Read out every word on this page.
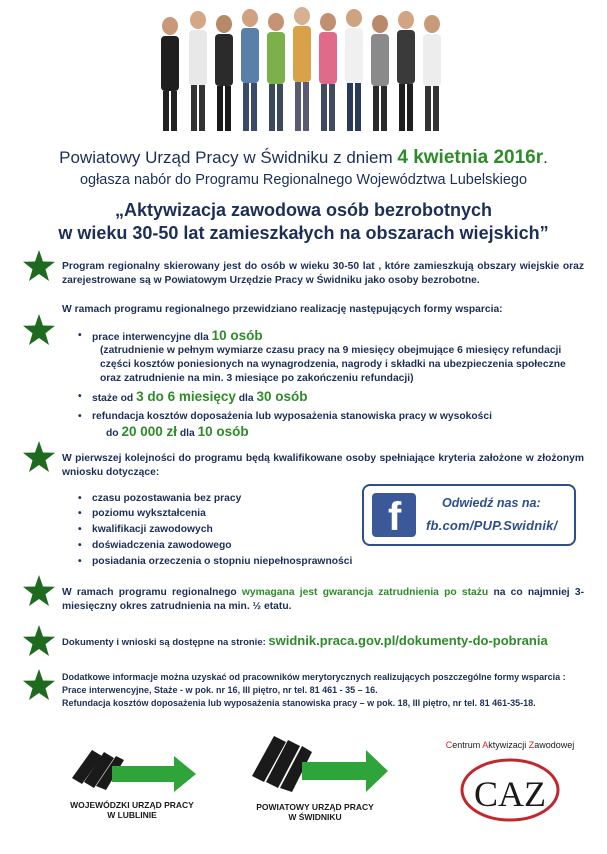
Powiatowy Urząd Pracy w Świdniku z dniem 4 kwietnia 2016r.
ogłasza nabór do Programu Regionalnego Województwa Lubelskiego
„Aktywizacja zawodowa osób bezrobotnych
w wieku 30-50 lat zamieszkałych na obszarach wiejskich”
Program regionalny skierowany jest do osób w wieku 30-50 lat , które zamieszkują obszary wiejskie oraz zarejestrowane są w Powiatowym Urzędzie Pracy w Świdniku jako osoby bezrobotne.
W ramach programu regionalnego przewidziano realizację następujących formy wsparcia:
• prace interwencyjne dla 10 osób
(zatrudnienie w pełnym wymiarze czasu pracy na 9 miesięcy obejmujące 6 miesięcy refundacji części kosztów poniesionych na wynagrodzenia, nagrody i składki na ubezpieczenia społeczne oraz zatrudnienie na min. 3 miesiące po zakończeniu refundacji)
• staże od 3 do 6 miesięcy dla 30 osób
• refundacja kosztów doposażenia lub wyposażenia stanowiska pracy w wysokości
do 20 000 zł dla 10 osób
W pierwszej kolejności do programu będą kwalifikowane osoby spełniające kryteria założone w złożonym wniosku dotyczące:
• czasu pozostawania bez pracy
• poziomu wykształcenia
• kwalifikacji zawodowych
• doświadczenia zawodowego
• posiadania orzeczenia o stopniu niepełnosprawności
f	Odwiedź nas na:
fb.com/PUP.Swidnik/
W ramach programu regionalnego wymagana jest gwarancja zatrudnienia po stażu na co najmniej 3-miesięczny okres zatrudnienia na min. ½ etatu.
Dokumenty i wnioski są dostępne na stronie: swidnik.praca.gov.pl/dokumenty-do-pobrania
Dodatkowe informacje można uzyskać od pracowników merytorycznych realizujących poszczególne formy wsparcia :
Prace interwencyjne, Staże - w pok. nr 16, III piętro, nr tel. 81 461 - 35 – 16.
Refundacja kosztów doposażenia lub wyposażenia stanowiska pracy – w pok. 18, III piętro, nr tel. 81 461-35-18.
WOJEWÓDZKI URZĄD PRACY
W LUBLINIE
POWIATOWY URZĄD PRACY
W ŚWIDNIKU
Centrum Aktywizacji Zawodowej
CAZ
